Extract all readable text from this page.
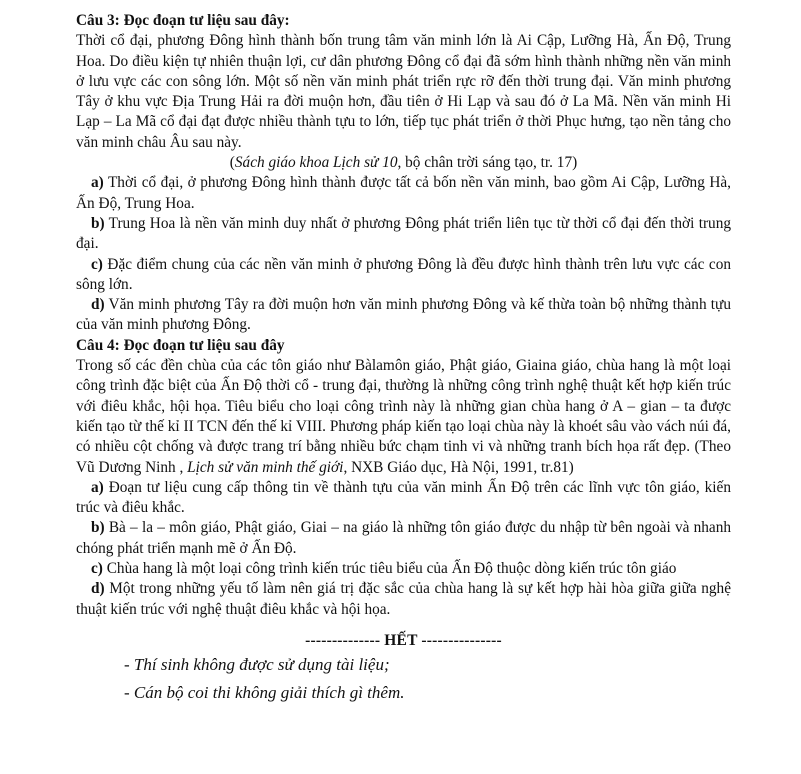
Câu 3: Đọc đoạn tư liệu sau đây:

Thời cổ đại, phương Đông hình thành bốn trung tâm văn minh lớn là Ai Cập, Lưỡng Hà, Ấn Độ, Trung Hoa. Do điều kiện tự nhiên thuận lợi, cư dân phương Đông cổ đại đã sớm hình thành những nền văn minh ở lưu vực các con sông lớn. Một số nền văn minh phát triển rực rỡ đến thời trung đại. Văn minh phương Tây ở khu vực Địa Trung Hải ra đời muộn hơn, đầu tiên ở Hi Lạp và sau đó ở La Mã. Nền văn minh Hi Lạp – La Mã cổ đại đạt được nhiều thành tựu to lớn, tiếp tục phát triển ở thời Phục hưng, tạo nền tảng cho văn minh châu Âu sau này.

(Sách giáo khoa Lịch sử 10, bộ chân trời sáng tạo, tr. 17)

a) Thời cổ đại, ở phương Đông hình thành được tất cả bốn nền văn minh, bao gồm Ai Cập, Lưỡng Hà, Ấn Độ, Trung Hoa.

b) Trung Hoa là nền văn minh duy nhất ở phương Đông phát triển liên tục từ thời cổ đại đến thời trung đại.

c) Đặc điểm chung của các nền văn minh ở phương Đông là đều được hình thành trên lưu vực các con sông lớn.

d) Văn minh phương Tây ra đời muộn hơn văn minh phương Đông và kế thừa toàn bộ những thành tựu của văn minh phương Đông.

Câu 4: Đọc đoạn tư liệu sau đây

Trong số các đền chùa của các tôn giáo như Bàlamôn giáo, Phật giáo, Giaina giáo, chùa hang là một loại công trình đặc biệt của Ấn Độ thời cổ - trung đại, thường là những công trình nghệ thuật kết hợp kiến trúc với điêu khắc, hội họa. Tiêu biểu cho loại công trình này là những gian chùa hang ở A – gian – ta được kiến tạo từ thế kỉ II TCN đến thế kỉ VIII. Phương pháp kiến tạo loại chùa này là khoét sâu vào vách núi đá, có nhiều cột chống và được trang trí bằng nhiều bức chạm tinh vi và những tranh bích họa rất đẹp. (Theo Vũ Dương Ninh , Lịch sử văn minh thế giới, NXB Giáo dục, Hà Nội, 1991, tr.81)

a) Đoạn tư liệu cung cấp thông tin về thành tựu của văn minh Ấn Độ trên các lĩnh vực tôn giáo, kiến trúc và điêu khắc.

b) Bà – la – môn giáo, Phật giáo, Giai – na giáo là những tôn giáo được du nhập từ bên ngoài và nhanh chóng phát triển mạnh mẽ ở Ấn Độ.

c) Chùa hang là một loại công trình kiến trúc tiêu biểu của Ấn Độ thuộc dòng kiến trúc tôn giáo

d) Một trong những yếu tố làm nên giá trị đặc sắc của chùa hang là sự kết hợp hài hòa giữa giữa nghệ thuật kiến trúc với nghệ thuật điêu khắc và hội họa.

-------------- HẾT ---------------

- Thí sinh không được sử dụng tài liệu;

- Cán bộ coi thi không giải thích gì thêm.
